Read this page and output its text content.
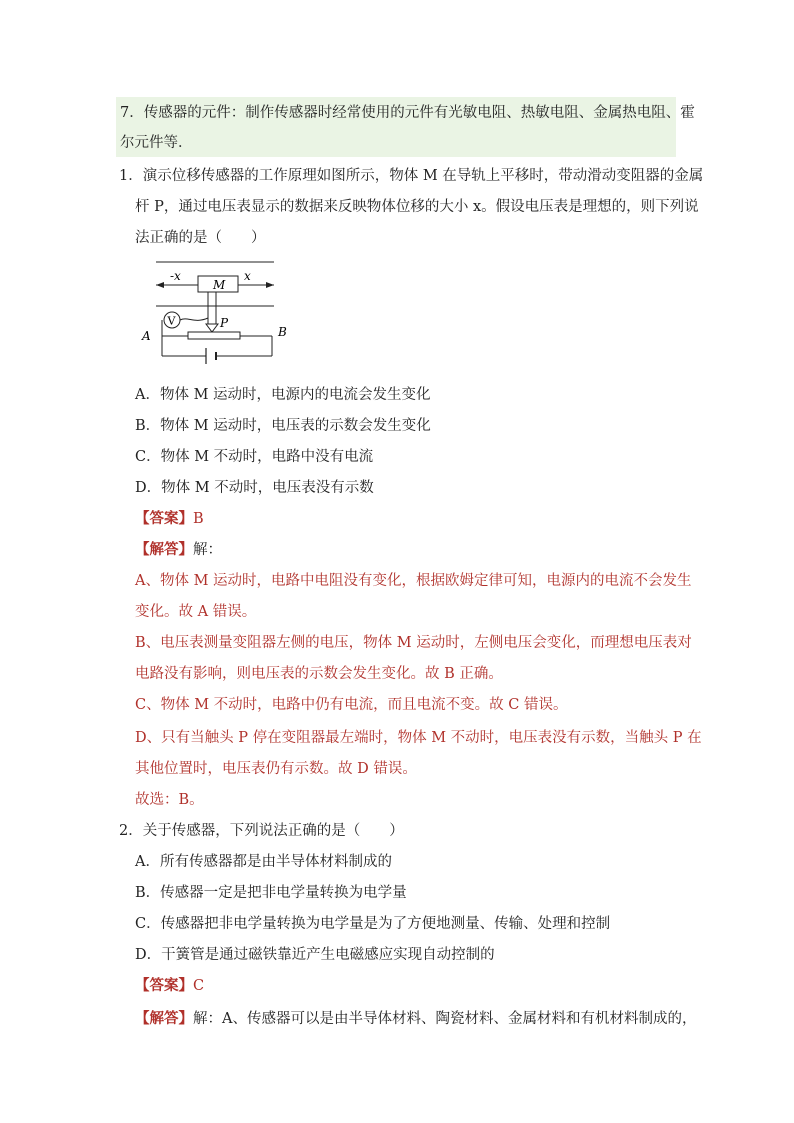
7．传感器的元件：制作传感器时经常使用的元件有光敏电阻、热敏电阻、金属热电阻、霍
尔元件等．
1．演示位移传感器的工作原理如图所示，物体 M 在导轨上平移时，带动滑动变阻器的金属
杆 P，通过电压表显示的数据来反映物体位移的大小 x。假设电压表是理想的，则下列说
法正确的是（　　）
-x	x
M
P
V
A	B
A．物体 M 运动时，电源内的电流会发生变化
B．物体 M 运动时，电压表的示数会发生变化
C．物体 M 不动时，电路中没有电流
D．物体 M 不动时，电压表没有示数
【答案】B
【解答】解：
A、物体 M 运动时，电路中电阻没有变化，根据欧姆定律可知，电源内的电流不会发生
变化。故 A 错误。
B、电压表测量变阻器左侧的电压，物体 M 运动时，左侧电压会变化，而理想电压表对
电路没有影响，则电压表的示数会发生变化。故 B 正确。
C、物体 M 不动时，电路中仍有电流，而且电流不变。故 C 错误。
D、只有当触头 P 停在变阻器最左端时，物体 M 不动时，电压表没有示数，当触头 P 在
其他位置时，电压表仍有示数。故 D 错误。
故选：B。
2．关于传感器，下列说法正确的是（　　）
A．所有传感器都是由半导体材料制成的
B．传感器一定是把非电学量转换为电学量
C．传感器把非电学量转换为电学量是为了方便地测量、传输、处理和控制
D．干簧管是通过磁铁靠近产生电磁感应实现自动控制的
【答案】C
【解答】解：A、传感器可以是由半导体材料、陶瓷材料、金属材料和有机材料制成的，
